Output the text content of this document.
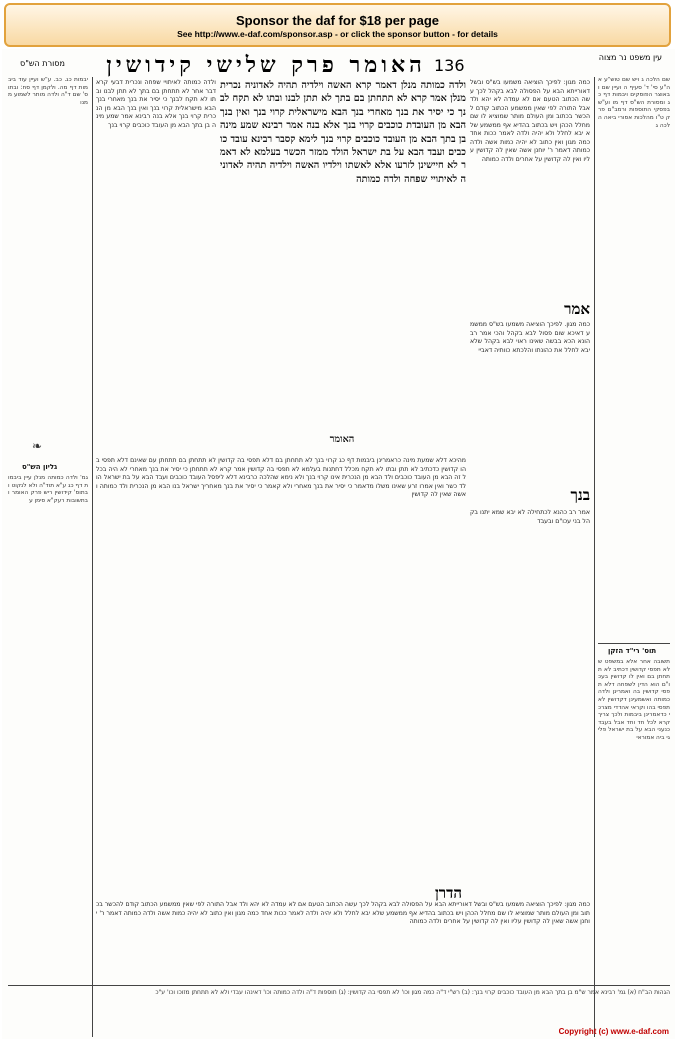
Sponsor the daf for $18 per page
See http://www.e-daf.com/sponsor.asp - or click the sponsor button - for details
136
האומר פרק שלישי קידושין
מסורת הש"ס
עין משפט נר מצוה
יבמות כג. כב. ע"ש ועיין עוד ביבמות דף מה. ולקמן דף סח: ובתוס' שם ד"ה ולדה מותר לשמוע ממנו
❧
גליון הש"ס
גמ' ולדה כמותה מנלן עיין ביבמות דף כג ע"א תוד"ה ולא לנקוט ובתוס' קידושין ריש פרק האומר ובתשובות רעק"א סימן ע
ולדה כמותה לאיתויי שפחה ונכרית דבעי קרא דבר אחר לא תתחתן בם בתך לא תתן לבנו ובתו לא תקח לבנך כי יסיר את בנך מאחרי בנך הבא מישראלית קרוי בנך ואין בנך הבא מן הנכרית קרוי בנך אלא בנה רבינא אמר שמע מינה בן בתך הבא מן העובד כוכבים קרוי בנך
ולדה כמותה מנלן דאמר קרא האשה וילדיה תהיה לאדוניה נכרית מנלן אמר קרא לא תתחתן בם בתך לא תתן לבנו ובתו לא תקח לבנך כי יסיר את בנך מאחרי בנך הבא מישראלית קרוי בנך ואין בנך הבא מן העובדת כוכבים קרוי בנך אלא בנה אמר רבינא שמע מינה בן בתך הבא מן העובד כוכבים קרוי בנך לימא קסבר רבינא עובד כוכבים ועבד הבא על בת ישראל הולד ממזר הכשר בעלמא לא דאמר לא חיישינן לזרעו אלא לאשתו וילדיו האשה וילדיה תהיה לאדוניה לאיתויי שפחה ולדה כמותה
האומר
כמה מגון: לפיכך הוציאה משמעו בש"ס ובשל דאורייתא הבא על הפסולה לבא בקהל לכך עשה הכתוב הטעם אם לא עמדה לא יהא ולד אבל התורה לפי שאין ממשמע הכתוב קודם להכשר בכתוב ומן העולם מותר שמוציא לו שם מחלל הכהן ויש בכתוב בהדיא אף ממשמע שלא יבא לחלל ולא יהיה ולדה לאמר ככות אחד כמה מגון ואין כתוב לא יהיה כמות אשה ולדה כמותה דאמר ר' יוחנן אשה שאין לה קדושין עליו ואין לה קדושין על אחרים ולדה כמותה
אמר
כמה מגון. לפיכך הוציאה משמעו בש"ס ממשמע דאיכא שום פסול לבא בקהל והכי אמר רב הונא הכא בבשה שאינו ראוי לבא בקהל שלא יבא לחלל את כהונתו והלכתא כוותיה דאביי
מהיכא דלא שמעת מינה כראמרינן ביבמות דף כג קרוי בנך לא תתחתן בם דלא תפסי בה קדושין לא תתחתן בם תתחתן עם שאינם דלא תפסי בהו קדושין כדכתיב לא תתן ובתו לא תקח מכלל דחתנות בעלמא לא תפסי בה קדושין אמר קרא לא תתחתן כי יסיר את בנך מאחרי לא היה בכלל זה הבא מן העובד כוכבים ולד הבא מן הנכרית אינו קרוי בנך ולא נימא שהלכה כרבינא דלא ליפסל העובד כוכבים ועבד הבא על בת ישראל הולד כשר ואין אמרו זרע שאינו משלו מדאמר כי יסיר את בנך מאחרי ולא קאמר כי יסיר את בנך מאחריך ישראל בנו הבא מן הנכרית ולד כמותה ואשה שאין לה קדושין	בנך
אמר רב כהנא לכתחילה לא יבא שמא יתנו בקהל בני עכו"ם ובעבד
שם הלכה ג ויש שם טוש"ע אה"ע סי' ד' סעיף ה ועיין שם ובאוצר הפוסקים ויבמות דף כג ומסורת הש"ס דף מו וע"ש בפסקי התוספות ורמב"ם פרק ט"ו מהלכות אסורי ביאה הלכה ג
תוס' רי"ד הזקן
תשובה אחר אלא במשפט שלא תפסי קדושין דכתיב לא תתחתן בם ואין לו קדושין בעכו"ם הוא הדין לשפחה דלא תפסי קדושין בה ואמרינן ולדה כמותה ואשמעינן דקדושין לא תפסי בהו וקראי אהדדי מצרכי כדאמרינן ביבמות ולכך צריך קרא לכל חד וחד אבל בעבד כנעני הבא על בת ישראל פליגי ביה אמוראי
כמה מגון: לפיכך הוציאה משמעו בש"ס ובשל דאורייתא הבא על הפסולה לבא בקהל לכך עשה הכתוב הטעם אם לא עמדה לא יהא ולד אבל התורה לפי שאין ממשמע הכתוב קודם להכשר בכתוב ומן העולם מותר שמוציא לו שם מחלל הכהן ויש בכתוב בהדיא אף ממשמע שלא יבא לחלל ולא יהיה ולדה לאמר ככות אחד כמה מגון ואין כתוב לא יהיה כמות אשה ולדה כמותה דאמר ר' יוחנן אשה שאין לה קדושין עליו ואין לה קדושין על אחרים ולדה כמותה
הדרן
הגהות הב"ח (א) גמ' רבינא אמר ש"מ בן בתך הבא מן העובד כוכבים קרוי בנך: (ב) רש"י ד"ה כמה מגון וכו' לא תפסי בה קדושין: (ג) תוספות ד"ה ולדה כמותה וכו' דאינהו עבדי ולא לא תתחתן מזוכו וכו' ע"כ
Copyright (c) www.e-daf.com
